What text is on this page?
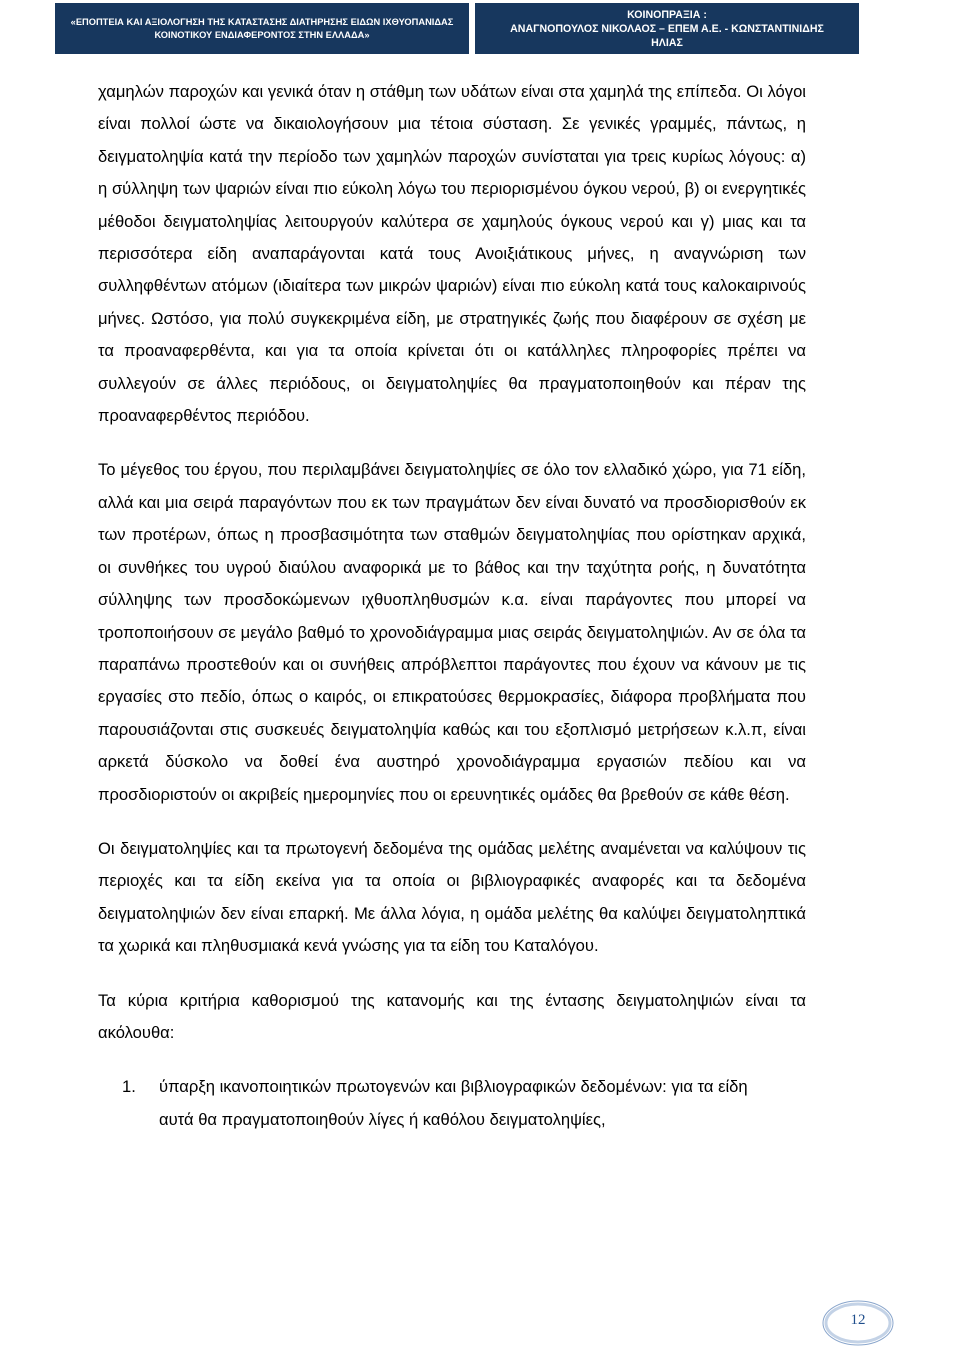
«ΕΠΟΠΤΕΙΑ ΚΑΙ ΑΞΙΟΛΟΓΗΣΗ ΤΗΣ ΚΑΤΑΣΤΑΣΗΣ ΔΙΑΤΗΡΗΣΗΣ ΕΙΔΩΝ ΙΧΘΥΟΠΑΝΙΔΑΣ
ΚΟΙΝΟΤΙΚΟΥ ΕΝΔΙΑΦΕΡΟΝΤΟΣ ΣΤΗΝ ΕΛΛΑΔΑ»
ΚΟΙΝΟΠΡΑΞΙΑ :
ΑΝΑΓΝΟΠΟΥΛΟΣ ΝΙΚΟΛΑΟΣ – ΕΠΕΜ Α.Ε. - ΚΩΝΣΤΑΝΤΙΝΙΔΗΣ
ΗΛΙΑΣ

χαμηλών παροχών και γενικά όταν η στάθμη των υδάτων είναι στα χαμηλά της επίπεδα. Οι λόγοι είναι πολλοί ώστε να δικαιολογήσουν μια τέτοια σύσταση. Σε γενικές γραμμές, πάντως, η δειγματοληψία κατά την περίοδο των χαμηλών παροχών συνίσταται για τρεις κυρίως λόγους: α) η σύλληψη των ψαριών είναι πιο εύκολη λόγω του περιορισμένου όγκου νερού, β) οι ενεργητικές μέθοδοι δειγματοληψίας λειτουργούν καλύτερα σε χαμηλούς όγκους νερού και γ) μιας και τα περισσότερα είδη αναπαράγονται κατά τους Ανοιξιάτικους μήνες, η αναγνώριση των συλληφθέντων ατόμων (ιδιαίτερα των μικρών ψαριών) είναι πιο εύκολη κατά τους καλοκαιρινούς μήνες. Ωστόσο, για πολύ συγκεκριμένα είδη, με στρατηγικές ζωής που διαφέρουν σε σχέση με τα προαναφερθέντα, και για τα οποία κρίνεται ότι οι κατάλληλες πληροφορίες πρέπει να συλλεγούν σε άλλες περιόδους, οι δειγματοληψίες θα πραγματοποιηθούν και πέραν της προαναφερθέντος περιόδου.

Το μέγεθος του έργου, που περιλαμβάνει δειγματοληψίες σε όλο τον ελλαδικό χώρο, για 71 είδη, αλλά και μια σειρά παραγόντων που εκ των πραγμάτων δεν είναι δυνατό να προσδιορισθούν εκ των προτέρων, όπως η προσβασιμότητα των σταθμών δειγματοληψίας που ορίστηκαν αρχικά, οι συνθήκες του υγρού διαύλου αναφορικά με το βάθος και την ταχύτητα ροής, η δυνατότητα σύλληψης των προσδοκώμενων ιχθυοπληθυσμών κ.α. είναι παράγοντες που μπορεί να τροποποιήσουν σε μεγάλο βαθμό το χρονοδιάγραμμα μιας σειράς δειγματοληψιών. Αν σε όλα τα παραπάνω προστεθούν και οι συνήθεις απρόβλεπτοι παράγοντες που έχουν να κάνουν με τις εργασίες στο πεδίο, όπως ο καιρός, οι επικρατούσες θερμοκρασίες, διάφορα προβλήματα που παρουσιάζονται στις συσκευές δειγματοληψία καθώς και του εξοπλισμό μετρήσεων κ.λ.π, είναι αρκετά δύσκολο να δοθεί ένα αυστηρό χρονοδιάγραμμα εργασιών πεδίου και να προσδιοριστούν οι ακριβείς ημερομηνίες που οι ερευνητικές ομάδες θα βρεθούν σε κάθε θέση.

Οι δειγματοληψίες και τα πρωτογενή δεδομένα της ομάδας μελέτης αναμένεται να καλύψουν τις περιοχές και τα είδη εκείνα για τα οποία οι βιβλιογραφικές αναφορές και τα δεδομένα δειγματοληψιών δεν είναι επαρκή. Με άλλα λόγια, η ομάδα μελέτης θα καλύψει δειγματοληπτικά τα χωρικά και πληθυσμιακά κενά γνώσης για τα είδη του Καταλόγου.

Τα κύρια κριτήρια καθορισμού της κατανομής και της έντασης δειγματοληψιών είναι τα ακόλουθα:

1. ύπαρξη ικανοποιητικών πρωτογενών και βιβλιογραφικών δεδομένων: για τα είδη αυτά θα πραγματοποιηθούν λίγες ή καθόλου δειγματοληψίες,
12
